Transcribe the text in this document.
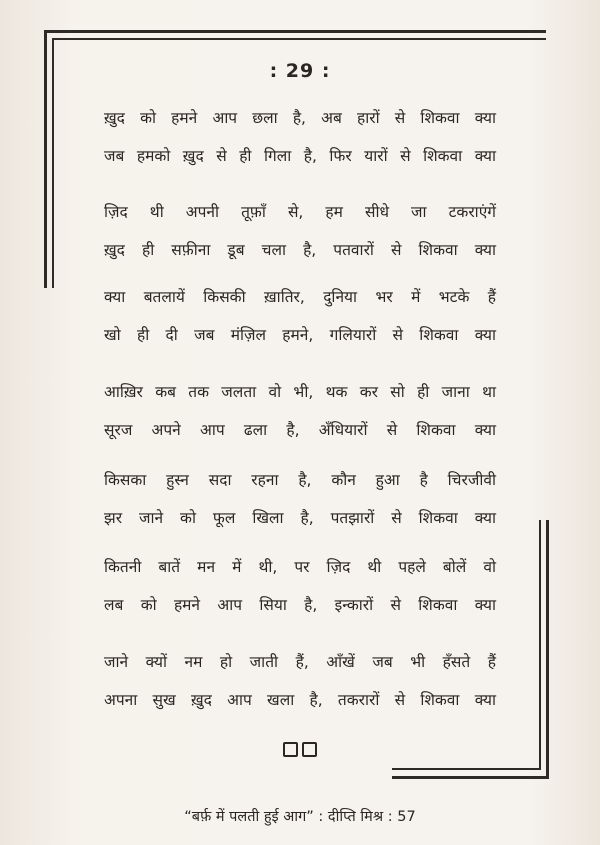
: 29 :
ख़ुद को हमने आप छला है, अब हारों से शिकवा क्या
जब हमको ख़ुद से ही गिला है, फिर यारों से शिकवा क्या
ज़िद थी अपनी तूफ़ाँ से, हम सीधे जा टकराएंगें
ख़ुद ही सफ़ीना डूब चला है, पतवारों से शिकवा क्या
क्या बतलायें किसकी ख़ातिर, दुनिया भर में भटके हैं
खो ही दी जब मंज़िल हमने, गलियारों से शिकवा क्या
आख़िर कब तक जलता वो भी, थक कर सो ही जाना था
सूरज अपने आप ढला है, अँधियारों से शिकवा क्या
किसका हुस्न सदा रहना है, कौन हुआ है चिरजीवी
झर जाने को फूल खिला है, पतझारों से शिकवा क्या
कितनी बातें मन में थी, पर ज़िद थी पहले बोलें वो
लब को हमने आप सिया है, इन्कारों से शिकवा क्या
जाने क्यों नम हो जाती हैं, आँखें जब भी हँसते हैं
अपना सुख ख़ुद आप खला है, तकरारों से शिकवा क्या
“बर्फ़ में पलती हुई आग” : दीप्ति मिश्र : 57
